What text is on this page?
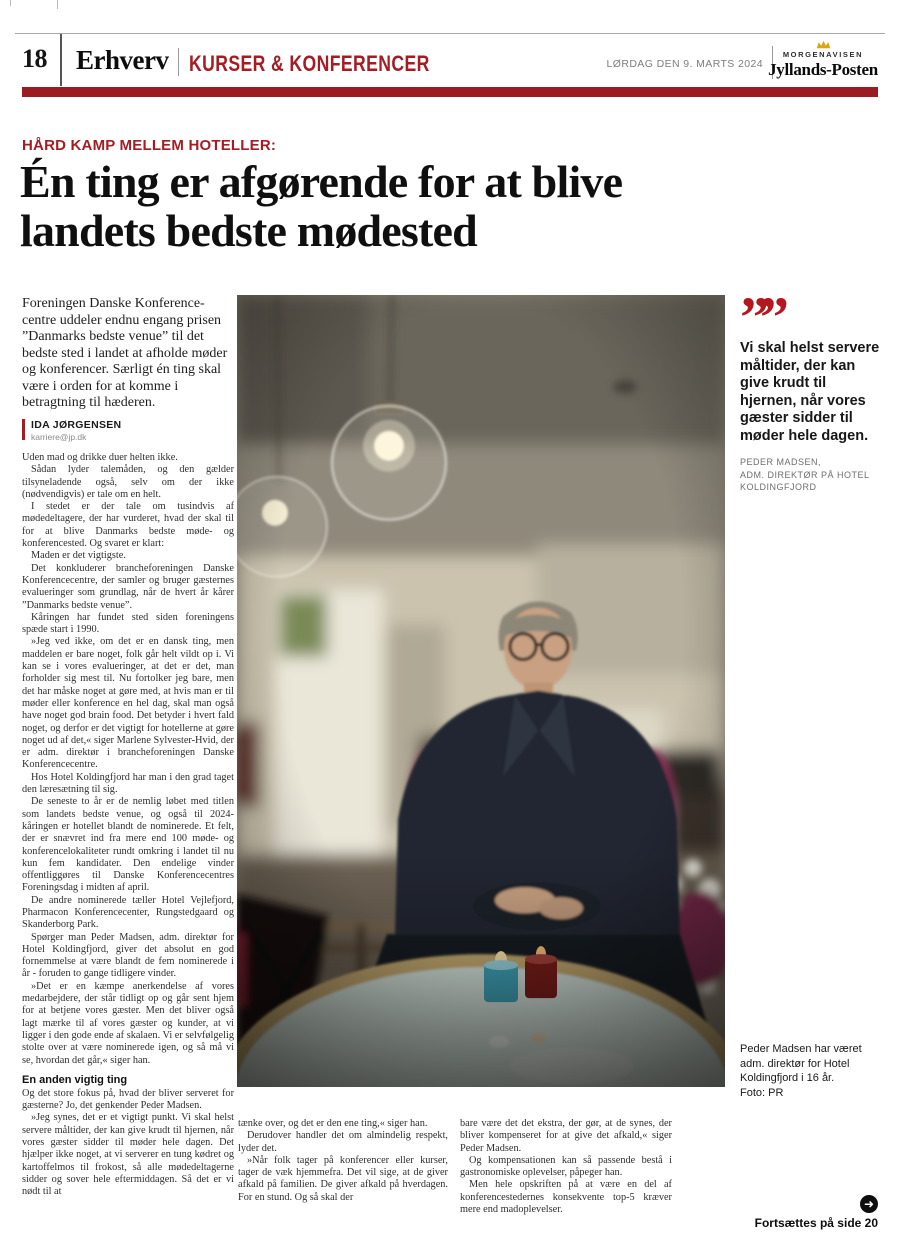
18 Erhverv KURSER & KONFERENCER	LØRDAG DEN 9. MARTS 2024
MORGENAVISEN
Jyllands-Posten
HÅRD KAMP MELLEM HOTELLER:
Én ting er afgørende for at blive landets bedste mødested
Foreningen Danske Konferencecentre uddeler endnu engang prisen ”Danmarks bedste venue” til det bedste sted i landet at afholde møder og konferencer. Særligt én ting skal være i orden for at komme i betragtning til hæderen.
IDA JØRGENSEN
karriere@jp.dk

Uden mad og drikke duer helten ikke.

Sådan lyder talemåden, og den gælder tilsyneladende også, selv om der ikke (nødvendigvis) er tale om en helt.

I stedet er der tale om tusindvis af mødedeltagere, der har vurderet, hvad der skal til for at blive Danmarks bedste møde- og konferencested. Og svaret er klart:

Maden er det vigtigste.

Det konkluderer brancheforeningen Danske Konferencecentre, der samler og bruger gæsternes evalueringer som grundlag, når de hvert år kårer ”Danmarks bedste venue”.

Kåringen har fundet sted siden foreningens spæde start i 1990.

»Jeg ved ikke, om det er en dansk ting, men maddelen er bare noget, folk går helt vildt op i. Vi kan se i vores evalueringer, at det er det, man forholder sig mest til. Nu fortolker jeg bare, men det har måske noget at gøre med, at hvis man er til møder eller konference en hel dag, skal man også have noget god brain food. Det betyder i hvert fald noget, og derfor er det vigtigt for hotellerne at gøre noget ud af det,« siger Marlene Sylvester-Hvid, der er adm. direktør i brancheforeningen Danske Konferencecentre.

Hos Hotel Koldingfjord har man i den grad taget den læresætning til sig.

De seneste to år er de nemlig løbet med titlen som landets bedste venue, og også til 2024-kåringen er hotellet blandt de nominerede. Et felt, der er snævret ind fra mere end 100 møde- og konferencelokaliteter rundt omkring i landet til nu kun fem kandidater. Den endelige vinder offentliggøres til Danske Konferencecentres Foreningsdag i midten af april.

De andre nominerede tæller Hotel Vejlefjord, Pharmacon Konferencecenter, Rungstedgaard og Skanderborg Park.

Spørger man Peder Madsen, adm. direktør for Hotel Koldingfjord, giver det absolut en god fornemmelse at være blandt de fem nominerede i år - foruden to gange tidligere vinder.

»Det er en kæmpe anerkendelse af vores medarbejdere, der står tidligt op og går sent hjem for at betjene vores gæster. Men det bliver også lagt mærke til af vores gæster og kunder, at vi ligger i den gode ende af skalaen. Vi er selvfølgelig stolte over at være nominerede igen, og så må vi se, hvordan det går,« siger han.

En anden vigtig ting

Og det store fokus på, hvad der bliver serveret for gæsterne? Jo, det genkender Peder Madsen.

»Jeg synes, det er et vigtigt punkt. Vi skal helst servere måltider, der kan give krudt til hjernen, når vores gæster sidder til møder hele dagen. Det hjælper ikke noget, at vi serverer en tung kødret og kartoffelmos til frokost, så alle mødedeltagerne sidder og sover hele eftermiddagen. Så det er vi nødt til at

””
Vi skal helst servere måltider, der kan give krudt til hjernen, når vores gæster sidder til møder hele dagen.
PEDER MADSEN,
ADM. DIREKTØR PÅ HOTEL
KOLDINGFJORD
Peder Madsen har været adm. direktør for Hotel Koldingfjord i 16 år.
Foto: PR

tænke over, og det er den ene ting,« siger han.

Derudover handler det om almindelig respekt, lyder det.

»Når folk tager på konferencer eller kurser, tager de væk hjemmefra. Det vil sige, at de giver afkald på familien. De giver afkald på hverdagen. For en stund. Og så skal der

bare være det det ekstra, der gør, at de synes, der bliver kompenseret for at give det afkald,« siger Peder Madsen.

Og kompensationen kan så passende bestå i gastronomiske oplevelser, påpeger han.

Men hele opskriften på at være en del af konferencestedernes konsekvente top-5 kræver mere end madoplevelser.	➜
Fortsættes på side 20
